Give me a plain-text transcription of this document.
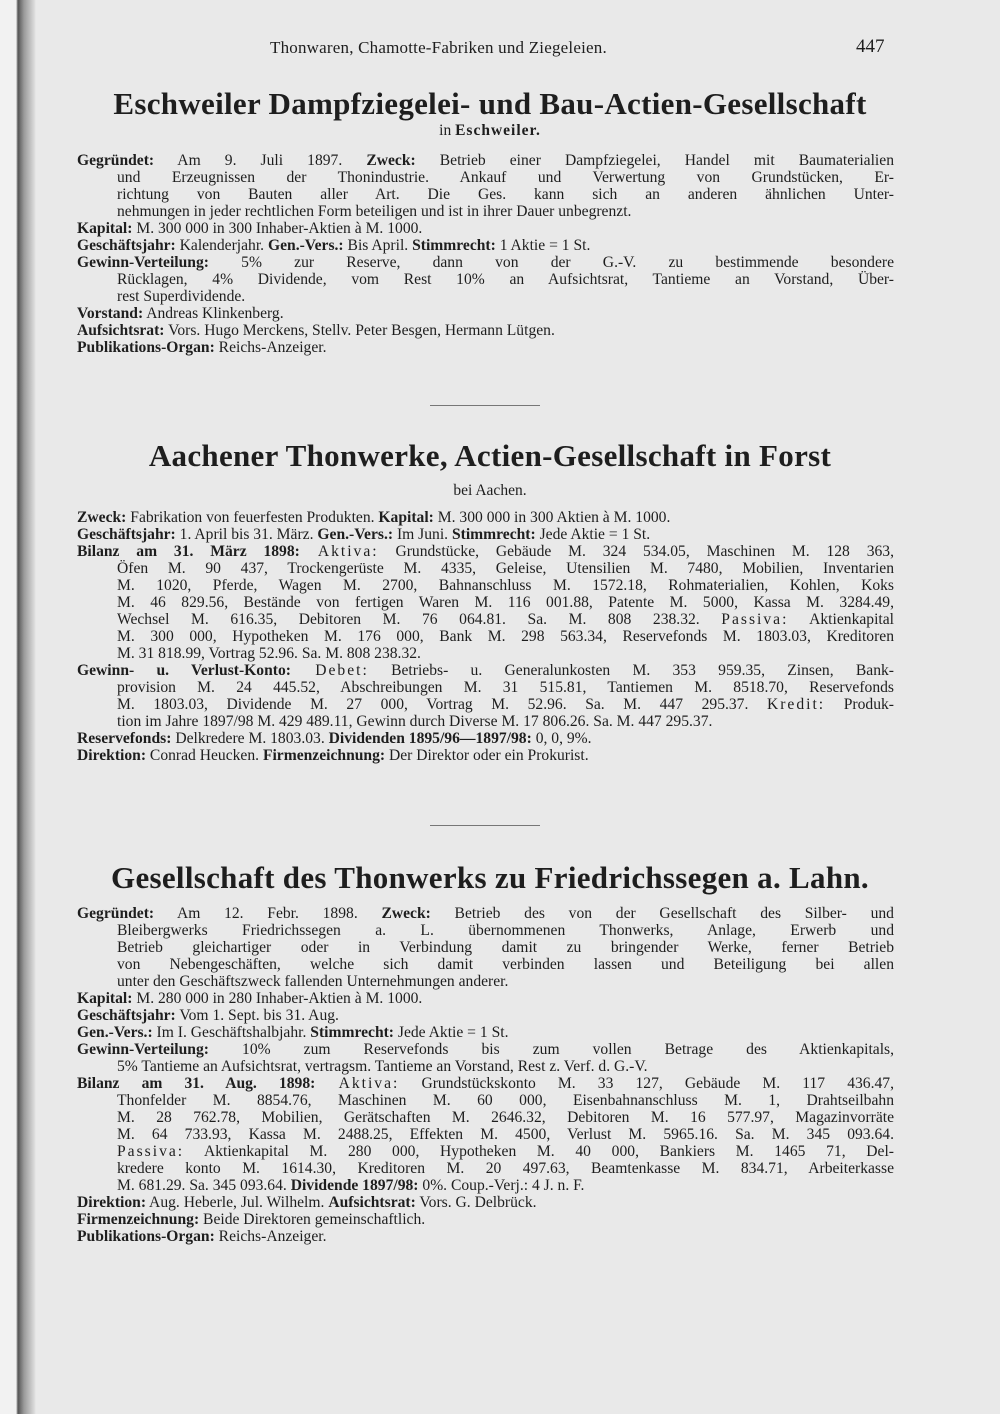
Thonwaren, Chamotte-Fabriken und Ziegeleien.	447
Eschweiler Dampfziegelei- und Bau-Actien-Gesellschaft
in Eschweiler.
Gegründet: Am 9. Juli 1897. Zweck: Betrieb einer Dampfziegelei, Handel mit Baumaterialien
und Erzeugnissen der Thonindustrie. Ankauf und Verwertung von Grundstücken, Er-
richtung von Bauten aller Art. Die Ges. kann sich an anderen ähnlichen Unter-
nehmungen in jeder rechtlichen Form beteiligen und ist in ihrer Dauer unbegrenzt.
Kapital: M. 300 000 in 300 Inhaber-Aktien à M. 1000.
Geschäftsjahr: Kalenderjahr. Gen.-Vers.: Bis April. Stimmrecht: 1 Aktie = 1 St.
Gewinn-Verteilung: 5% zur Reserve, dann von der G.-V. zu bestimmende besondere
Rücklagen, 4% Dividende, vom Rest 10% an Aufsichtsrat, Tantieme an Vorstand, Über-
rest Superdividende.
Vorstand: Andreas Klinkenberg.
Aufsichtsrat: Vors. Hugo Merckens, Stellv. Peter Besgen, Hermann Lütgen.
Publikations-Organ: Reichs-Anzeiger.
Aachener Thonwerke, Actien-Gesellschaft in Forst
bei Aachen.
Zweck: Fabrikation von feuerfesten Produkten. Kapital: M. 300 000 in 300 Aktien à M. 1000.
Geschäftsjahr: 1. April bis 31. März. Gen.-Vers.: Im Juni. Stimmrecht: Jede Aktie = 1 St.
Bilanz am 31. März 1898: Aktiva: Grundstücke, Gebäude M. 324 534.05, Maschinen M. 128 363,
Öfen M. 90 437, Trockengerüste M. 4335, Geleise, Utensilien M. 7480, Mobilien, Inventarien
M. 1020, Pferde, Wagen M. 2700, Bahnanschluss M. 1572.18, Rohmaterialien, Kohlen, Koks
M. 46 829.56, Bestände von fertigen Waren M. 116 001.88, Patente M. 5000, Kassa M. 3284.49,
Wechsel M. 616.35, Debitoren M. 76 064.81. Sa. M. 808 238.32. Passiva: Aktienkapital
M. 300 000, Hypotheken M. 176 000, Bank M. 298 563.34, Reservefonds M. 1803.03, Kreditoren
M. 31 818.99, Vortrag 52.96. Sa. M. 808 238.32.
Gewinn- u. Verlust-Konto: Debet: Betriebs- u. Generalunkosten M. 353 959.35, Zinsen, Bank-
provision M. 24 445.52, Abschreibungen M. 31 515.81, Tantiemen M. 8518.70, Reservefonds
M. 1803.03, Dividende M. 27 000, Vortrag M. 52.96. Sa. M. 447 295.37. Kredit: Produk-
tion im Jahre 1897/98 M. 429 489.11, Gewinn durch Diverse M. 17 806.26. Sa. M. 447 295.37.
Reservefonds: Delkredere M. 1803.03. Dividenden 1895/96—1897/98: 0, 0, 9%.
Direktion: Conrad Heucken. Firmenzeichnung: Der Direktor oder ein Prokurist.
Gesellschaft des Thonwerks zu Friedrichssegen a. Lahn.
Gegründet: Am 12. Febr. 1898. Zweck: Betrieb des von der Gesellschaft des Silber- und
Bleibergwerks Friedrichssegen a. L. übernommenen Thonwerks, Anlage, Erwerb und
Betrieb gleichartiger oder in Verbindung damit zu bringender Werke, ferner Betrieb
von Nebengeschäften, welche sich damit verbinden lassen und Beteiligung bei allen
unter den Geschäftszweck fallenden Unternehmungen anderer.
Kapital: M. 280 000 in 280 Inhaber-Aktien à M. 1000.
Geschäftsjahr: Vom 1. Sept. bis 31. Aug.
Gen.-Vers.: Im I. Geschäftshalbjahr. Stimmrecht: Jede Aktie = 1 St.
Gewinn-Verteilung: 10% zum Reservefonds bis zum vollen Betrage des Aktienkapitals,
5% Tantieme an Aufsichtsrat, vertragsm. Tantieme an Vorstand, Rest z. Verf. d. G.-V.
Bilanz am 31. Aug. 1898: Aktiva: Grundstückskonto M. 33 127, Gebäude M. 117 436.47,
Thonfelder M. 8854.76, Maschinen M. 60 000, Eisenbahnanschluss M. 1, Drahtseilbahn
M. 28 762.78, Mobilien, Gerätschaften M. 2646.32, Debitoren M. 16 577.97, Magazinvorräte
M. 64 733.93, Kassa M. 2488.25, Effekten M. 4500, Verlust M. 5965.16. Sa. M. 345 093.64.
Passiva: Aktienkapital M. 280 000, Hypotheken M. 40 000, Bankiers M. 1465 71, Del-
kredere konto M. 1614.30, Kreditoren M. 20 497.63, Beamtenkasse M. 834.71, Arbeiterkasse
M. 681.29. Sa. 345 093.64. Dividende 1897/98: 0%. Coup.-Verj.: 4 J. n. F.
Direktion: Aug. Heberle, Jul. Wilhelm. Aufsichtsrat: Vors. G. Delbrück.
Firmenzeichnung: Beide Direktoren gemeinschaftlich.
Publikations-Organ: Reichs-Anzeiger.
